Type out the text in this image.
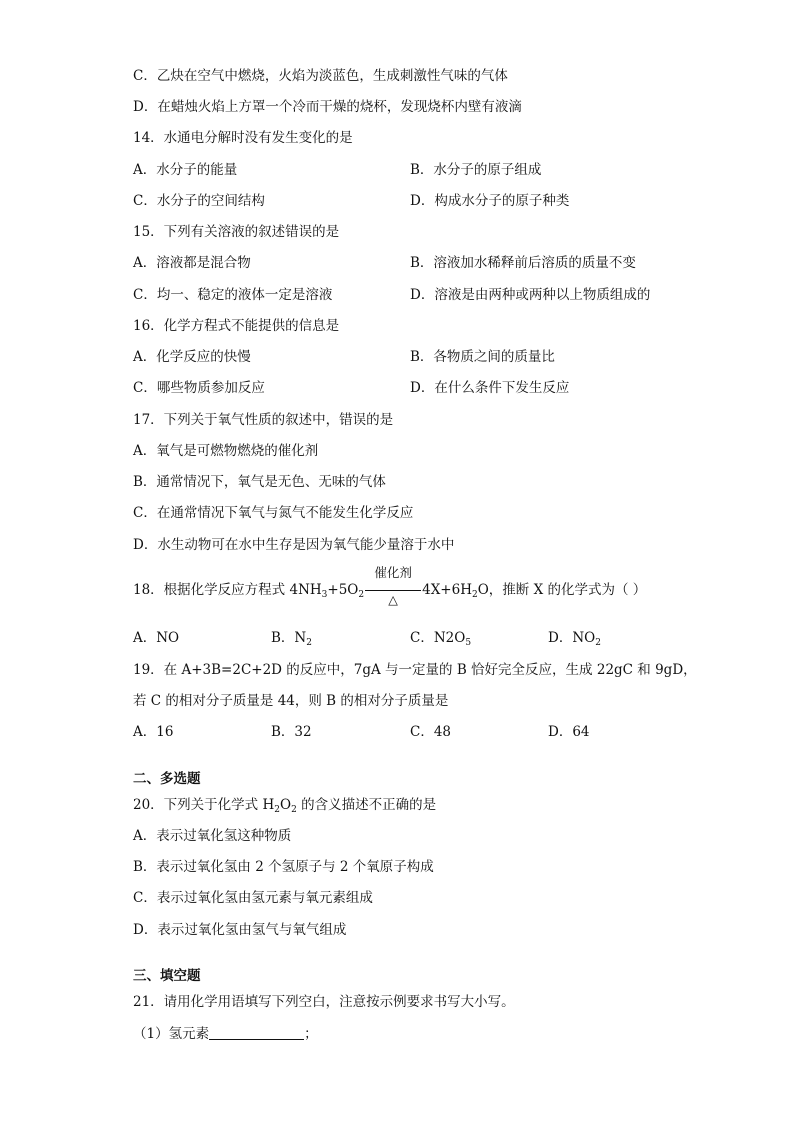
C．乙炔在空气中燃烧，火焰为淡蓝色，生成刺激性气味的气体
D．在蜡烛火焰上方罩一个冷而干燥的烧杯，发现烧杯内壁有液滴
14．水通电分解时没有发生变化的是
A．水分子的能量	B．水分子的原子组成
C．水分子的空间结构	D．构成水分子的原子种类
15．下列有关溶液的叙述错误的是
A．溶液都是混合物	B．溶液加水稀释前后溶质的质量不变
C．均一、稳定的液体一定是溶液	D．溶液是由两种或两种以上物质组成的
16．化学方程式不能提供的信息是
A．化学反应的快慢	B．各物质之间的质量比
C．哪些物质参加反应	D．在什么条件下发生反应
17．下列关于氧气性质的叙述中，错误的是
A．氧气是可燃物燃烧的催化剂
B．通常情况下，氧气是无色、无味的气体
C．在通常情况下氧气与氮气不能发生化学反应
D．水生动物可在水中生存是因为氧气能少量溶于水中
18．根据化学反应方程式 $4NH_3+5O_2$
催化剂
△
$4X+6H_2O$，推断 X 的化学式为（ ）
A．NO	B．$N_2$	C．$N2O_5$	D．$NO_2$
19．在 A+3B=2C+2D 的反应中，7gA 与一定量的 B 恰好完全反应，生成 22gC 和 9gD，
若 C 的相对分子质量是 44，则 B 的相对分子质量是
A．16	B．32	C．48	D．64
二、多选题
20．下列关于化学式 $H_2O_2$ 的含义描述不正确的是
A．表示过氧化氢这种物质
B．表示过氧化氢由 2 个氢原子与 2 个氧原子构成
C．表示过氧化氢由氢元素与氧元素组成
D．表示过氧化氢由氢气与氧气组成
三、填空题
21．请用化学用语填写下列空白，注意按示例要求书写大小写。
（1）氢元素	；
